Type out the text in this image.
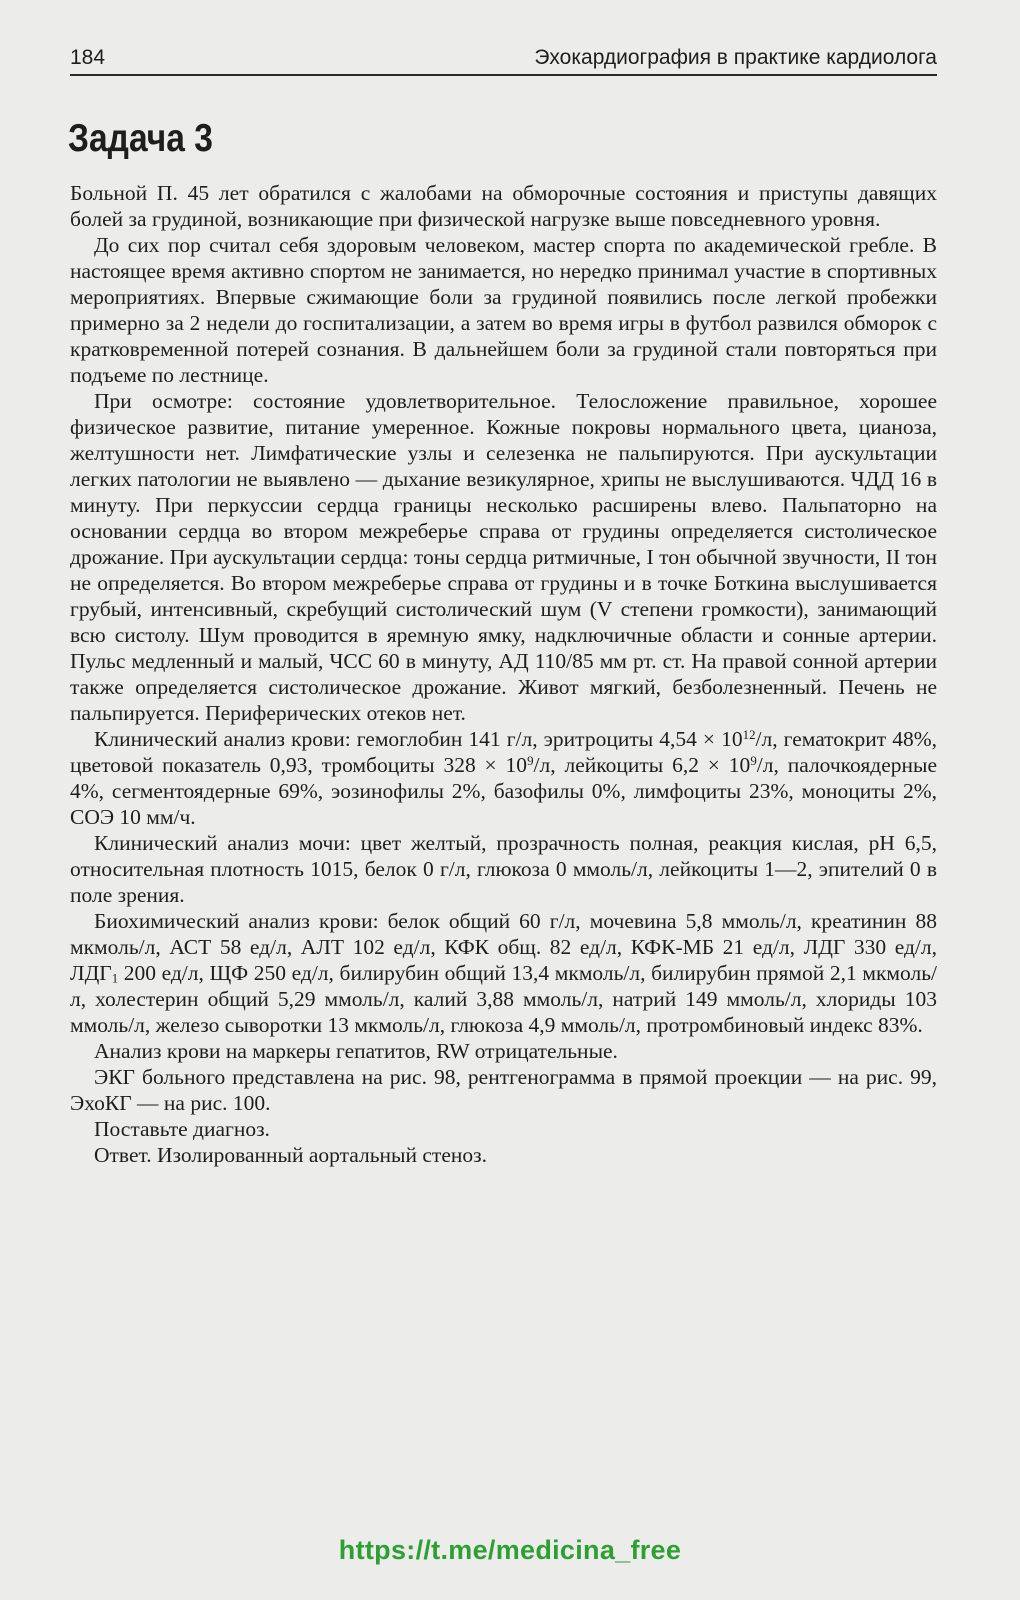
184	Эхокардиография в практике кардиолога
Задача 3

Больной П. 45 лет обратился с жалобами на обморочные состояния и приступы давящих болей за грудиной, возникающие при физической нагрузке выше повседневного уровня.

До сих пор считал себя здоровым человеком, мастер спорта по академической гребле. В настоящее время активно спортом не занимается, но нередко принимал участие в спортивных мероприятиях. Впервые сжимающие боли за грудиной появились после легкой пробежки примерно за 2 недели до госпитализации, а затем во время игры в футбол развился обморок с кратковременной потерей сознания. В дальнейшем боли за грудиной стали повторяться при подъеме по лестнице.

При осмотре: состояние удовлетворительное. Телосложение правильное, хорошее физическое развитие, питание умеренное. Кожные покровы нормального цвета, цианоза, желтушности нет. Лимфатические узлы и селезенка не пальпируются. При аускультации легких патологии не выявлено — дыхание везикулярное, хрипы не выслушиваются. ЧДД 16 в минуту. При перкуссии сердца границы несколько расширены влево. Пальпаторно на основании сердца во втором межреберье справа от грудины определяется систолическое дрожание. При аускультации сердца: тоны сердца ритмичные, I тон обычной звучности, II тон не определяется. Во втором межреберье справа от грудины и в точке Боткина выслушивается грубый, интенсивный, скребущий систолический шум (V степени громкости), занимающий всю систолу. Шум проводится в яремную ямку, надключичные области и сонные артерии. Пульс медленный и малый, ЧСС 60 в минуту, АД 110/85 мм рт. ст. На правой сонной артерии также определяется систолическое дрожание. Живот мягкий, безболезненный. Печень не пальпируется. Периферических отеков нет.

Клинический анализ крови: гемоглобин 141 г/л, эритроциты $4,54 \times 10^{12}/л$, гематокрит 48%, цветовой показатель 0,93, тромбоциты $328 \times 10^9/л$, лейкоциты $6,2 \times 10^9/л$, палочкоядерные 4%, сегментоядерные 69%, эозинофилы 2%, базофилы 0%, лимфоциты 23%, моноциты 2%, СОЭ 10 мм/ч.

Клинический анализ мочи: цвет желтый, прозрачность полная, реакция кислая, pH 6,5, относительная плотность 1015, белок 0 г/л, глюкоза 0 ммоль/л, лейкоциты 1—2, эпителий 0 в поле зрения.

Биохимический анализ крови: белок общий 60 г/л, мочевина 5,8 ммоль/л, креатинин 88 мкмоль/л, АСТ 58 ед/л, АЛТ 102 ед/л, КФК общ. 82 ед/л, КФК-МБ 21 ед/л, ЛДГ 330 ед/л, $ЛДГ_1$ 200 ед/л, ЩФ 250 ед/л, билирубин общий 13,4 мкмоль/л, билирубин прямой 2,1 мкмоль/л, холестерин общий 5,29 ммоль/л, калий 3,88 ммоль/л, натрий 149 ммоль/л, хлориды 103 ммоль/л, железо сыворотки 13 мкмоль/л, глюкоза 4,9 ммоль/л, протромбиновый индекс 83%.

Анализ крови на маркеры гепатитов, RW отрицательные.

ЭКГ больного представлена на рис. 98, рентгенограмма в прямой проекции — на рис. 99, ЭхоКГ — на рис. 100.

Поставьте диагноз.

Ответ. Изолированный аортальный стеноз.

https://t.me/medicina_free
